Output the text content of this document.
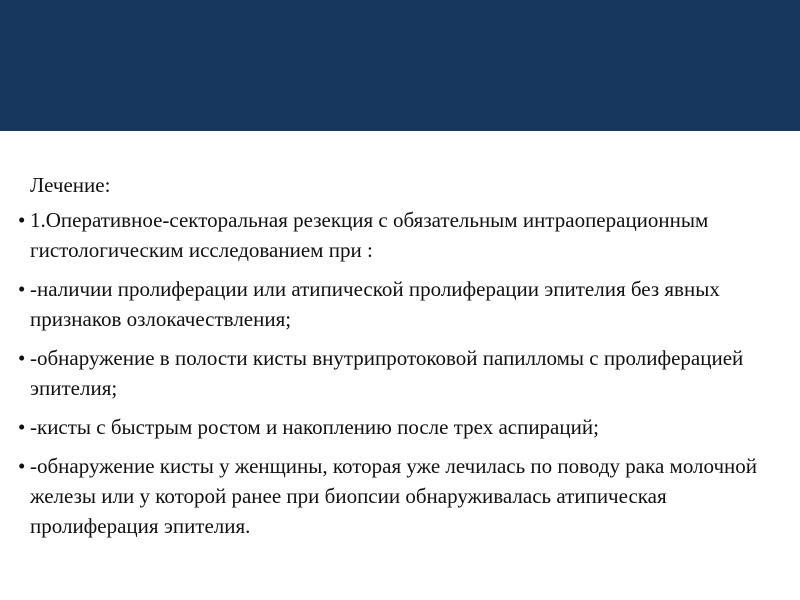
Лечение:
• 1.Оперативное-секторальная резекция с обязательным интраоперационным гистологическим исследованием при :
• -наличии пролиферации или атипической пролиферации эпителия без явных признаков озлокачествления;
• -обнаружение в полости кисты внутрипротоковой папилломы с пролиферацией эпителия;
• -кисты с быстрым ростом и накоплению после трех аспираций;
• -обнаружение кисты у женщины, которая уже лечилась по поводу рака молочной железы или у которой ранее при биопсии обнаруживалась атипическая пролиферация эпителия.
